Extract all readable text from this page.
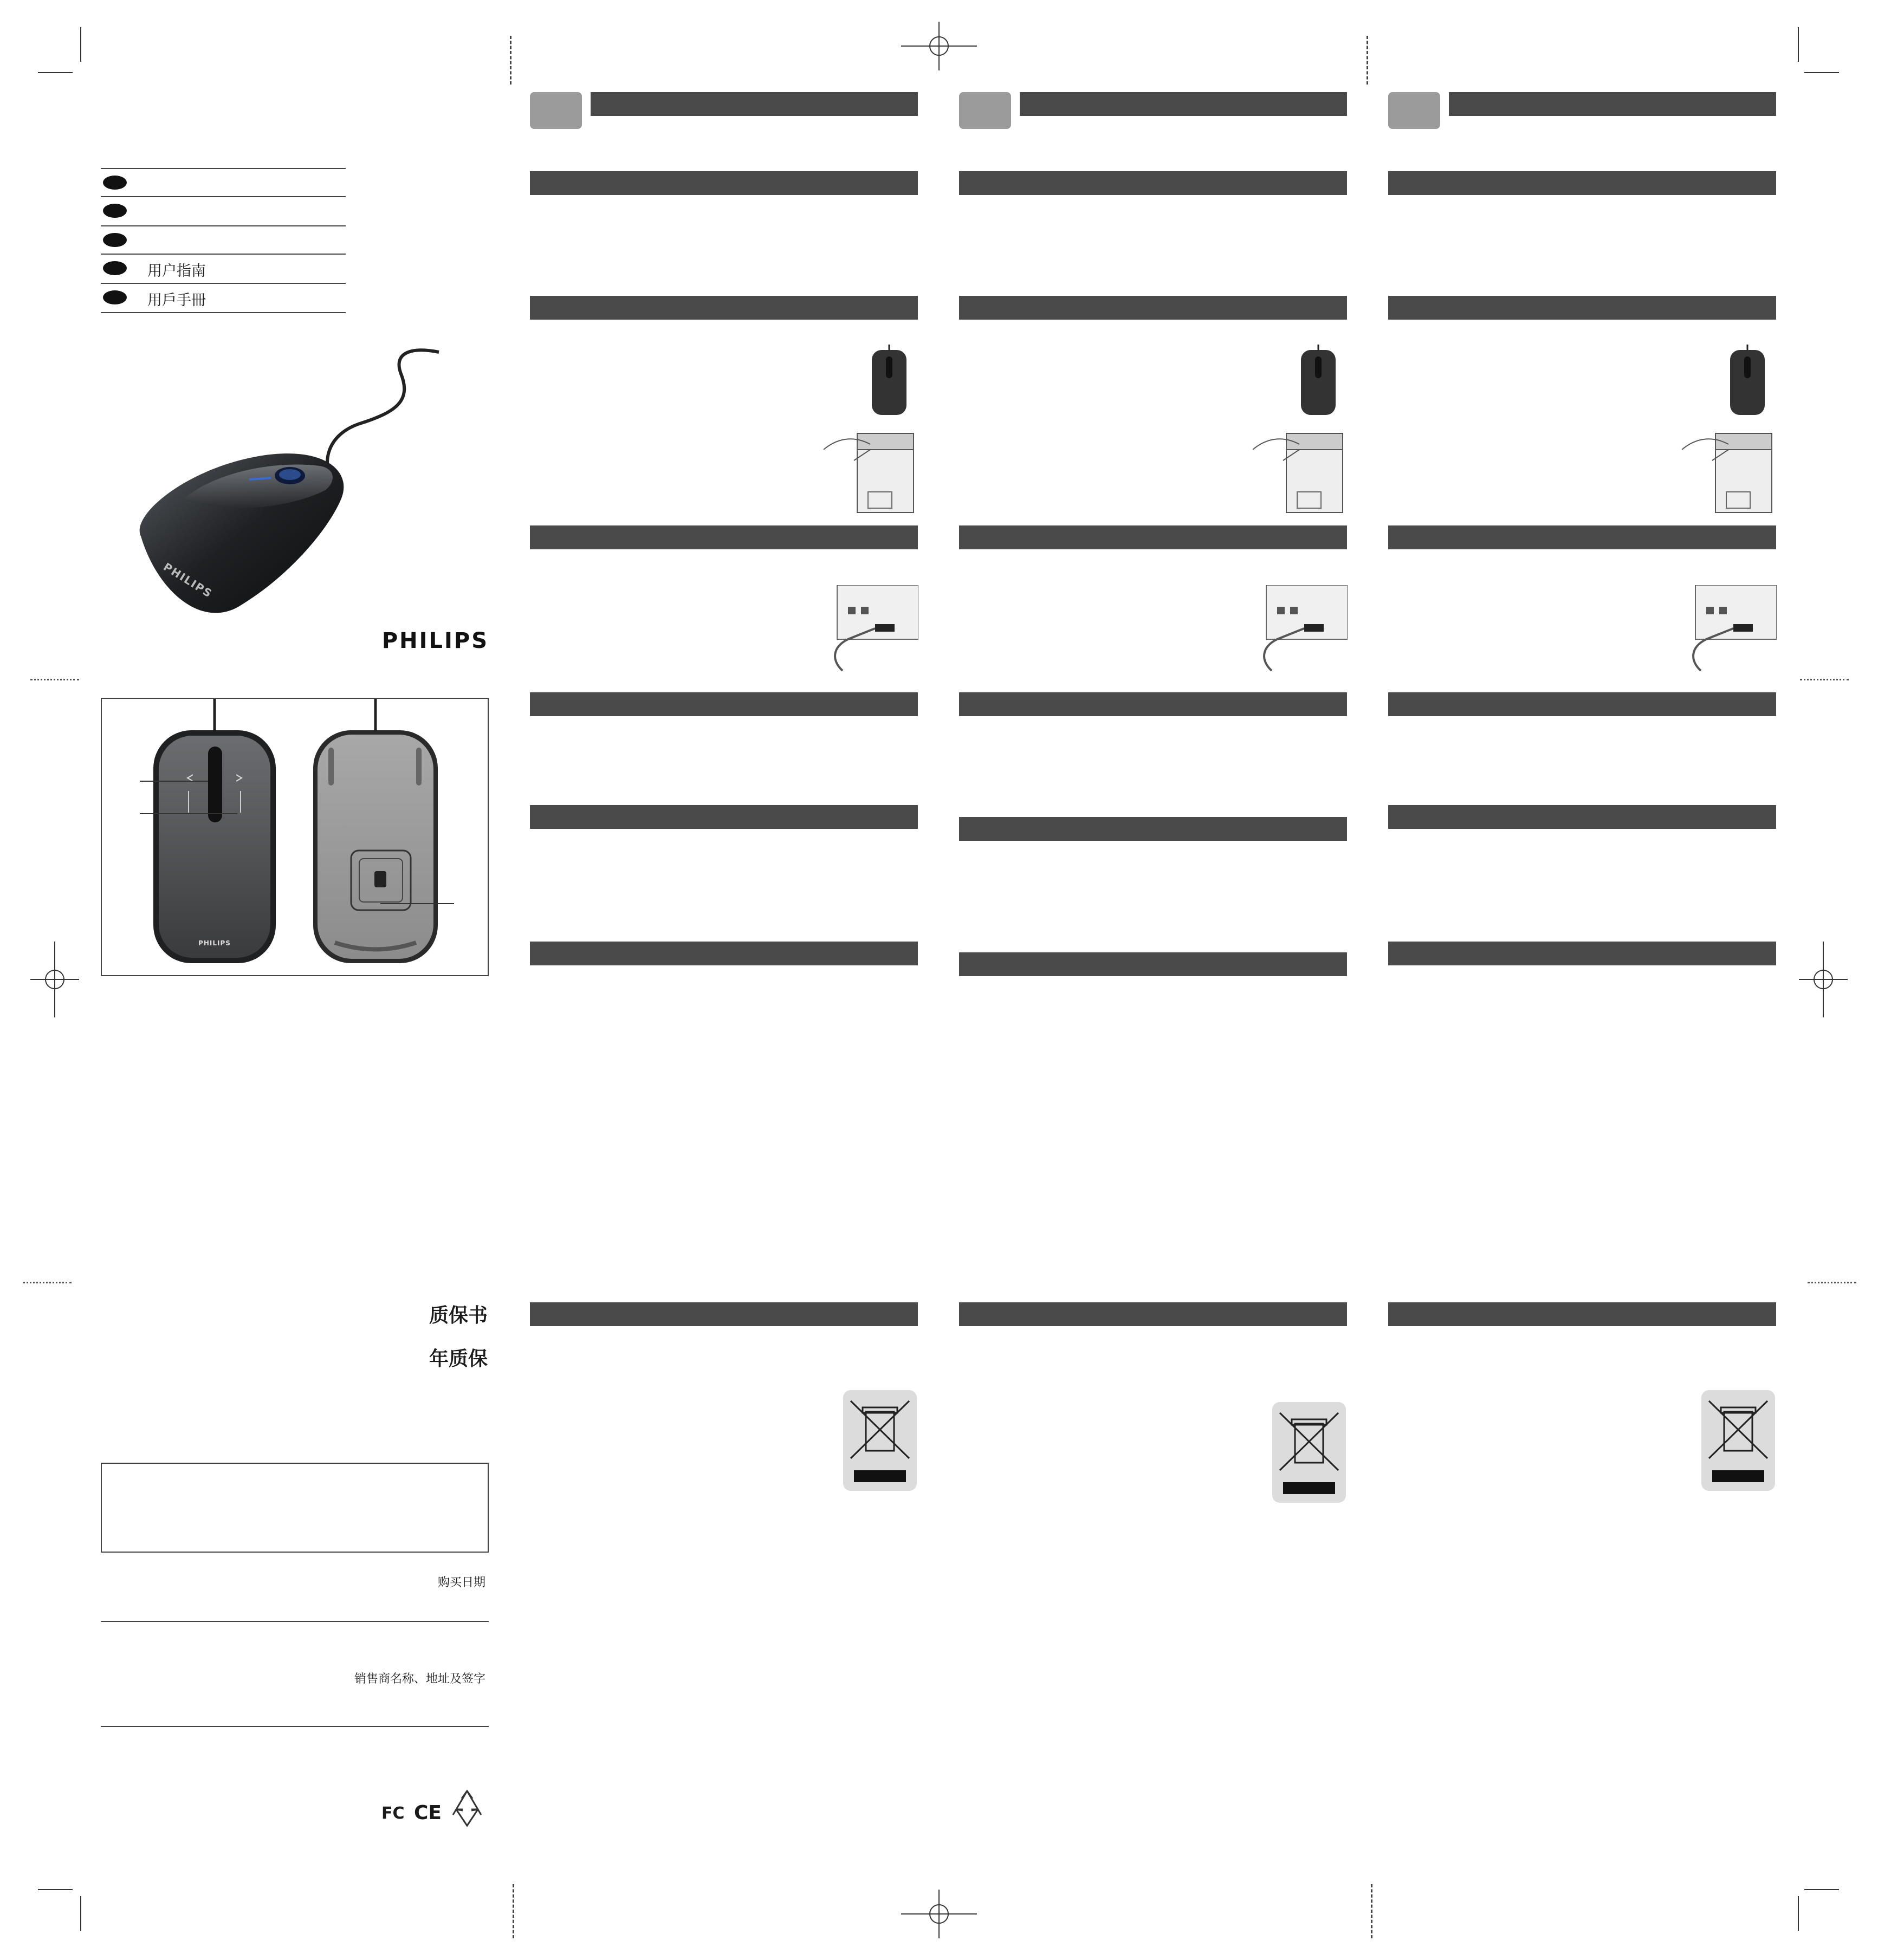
用户指南
用戶手冊
PHILIPS
PHILIPS
PHILIPS
质保书
年质保
购买日期
销售商名称、地址及签字
FC CE
